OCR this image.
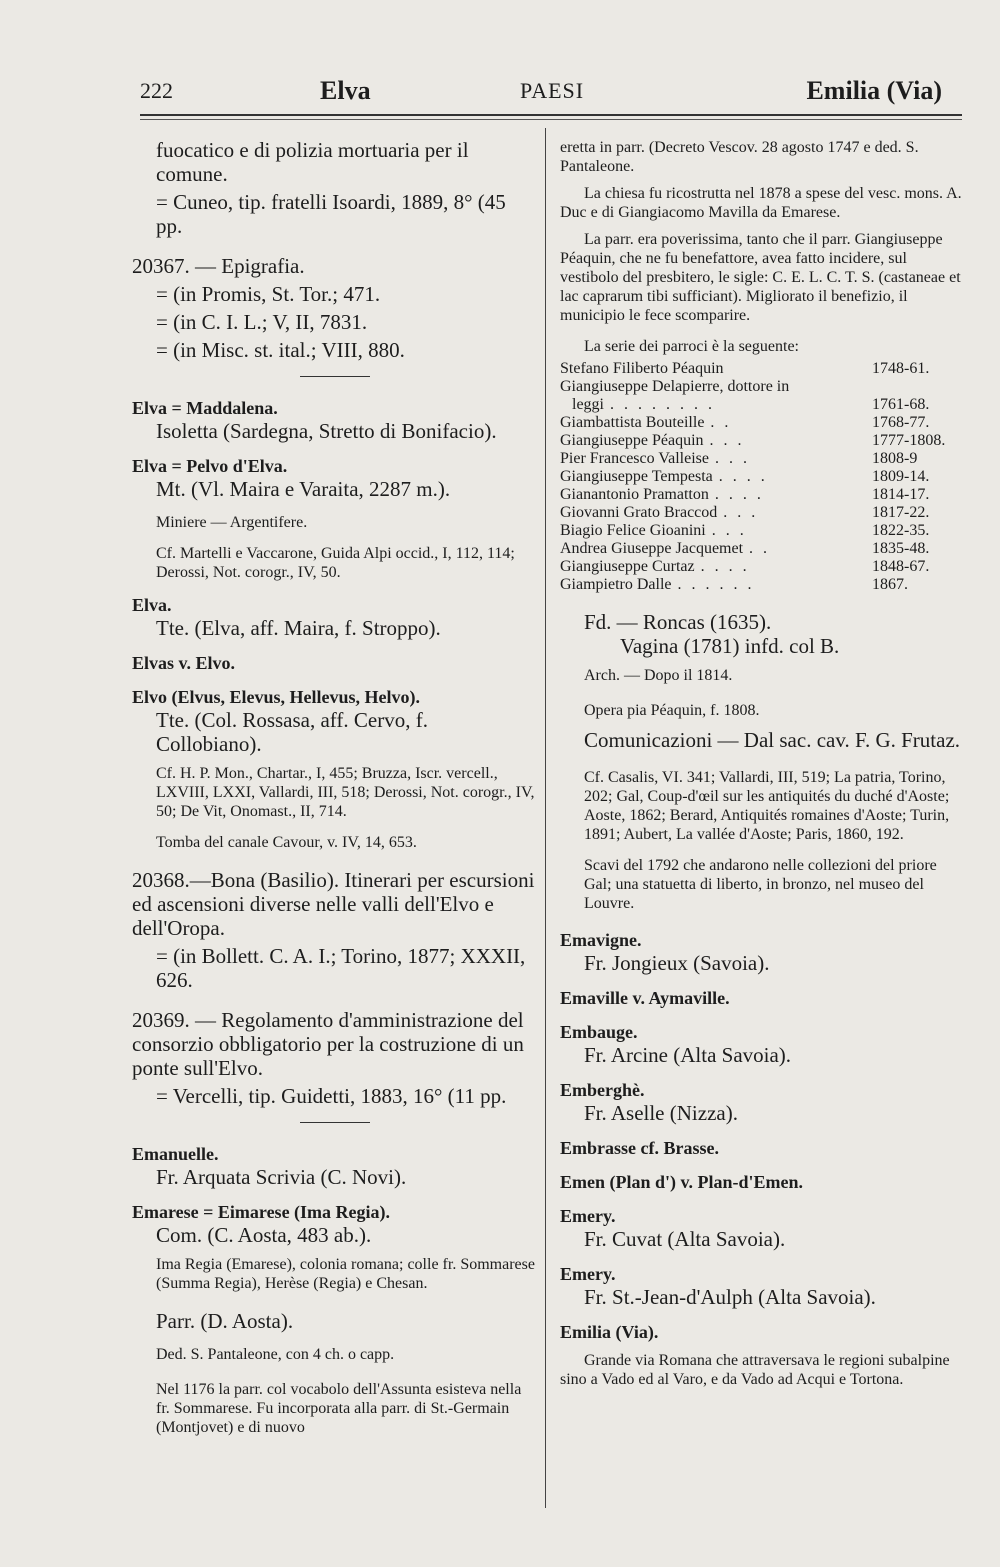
222	Elva	PAESI	Emilia (Via)

fuocatico e di polizia mortuaria per il comune.

= Cuneo, tip. fratelli Isoardi, 1889, 8° (45 pp.

20367. — Epigrafia.

= (in Promis, St. Tor.; 471.

= (in C. I. L.; V, II, 7831.

= (in Misc. st. ital.; VIII, 880.

Elva = Maddalena.

Isoletta (Sardegna, Stretto di Bonifacio).

Elva = Pelvo d'Elva.

Mt. (Vl. Maira e Varaita, 2287 m.).

Miniere — Argentifere.

Cf. Martelli e Vaccarone, Guida Alpi occid., I, 112, 114; Derossi, Not. corogr., IV, 50.

Elva.

Tte. (Elva, aff. Maira, f. Stroppo).

Elvas v. Elvo.

Elvo (Elvus, Elevus, Hellevus, Helvo).

Tte. (Col. Rossasa, aff. Cervo, f. Collobiano).

Cf. H. P. Mon., Chartar., I, 455; Bruzza, Iscr. vercell., LXVIII, LXXI, Vallardi, III, 518; Derossi, Not. corogr., IV, 50; De Vit, Onomast., II, 714.

Tomba del canale Cavour, v. IV, 14, 653.

20368.—Bona (Basilio). Itinerari per escursioni ed ascensioni diverse nelle valli dell'Elvo e dell'Oropa.

= (in Bollett. C. A. I.; Torino, 1877; XXXII, 626.

20369. — Regolamento d'amministrazione del consorzio obbligatorio per la costruzione di un ponte sull'Elvo.

= Vercelli, tip. Guidetti, 1883, 16° (11 pp.

Emanuelle.

Fr. Arquata Scrivia (C. Novi).

Emarese = Eimarese (Ima Regia).

Com. (C. Aosta, 483 ab.).

Ima Regia (Emarese), colonia romana; colle fr. Sommarese (Summa Regia), Herèse (Regia) e Chesan.

Parr. (D. Aosta).

Ded. S. Pantaleone, con 4 ch. o capp.

Nel 1176 la parr. col vocabolo dell'Assunta esisteva nella fr. Sommarese. Fu incorporata alla parr. di St.-Germain (Montjovet) e di nuovo

eretta in parr. (Decreto Vescov. 28 agosto 1747 e ded. S. Pantaleone.

La chiesa fu ricostrutta nel 1878 a spese del vesc. mons. A. Duc e di Giangiacomo Mavilla da Emarese.

La parr. era poverissima, tanto che il parr. Giangiuseppe Péaquin, che ne fu benefattore, avea fatto incidere, sul vestibolo del presbitero, le sigle: C. E. L. C. T. S. (castaneae et lac caprarum tibi sufficiant). Migliorato il benefizio, il municipio le fece scomparire.

La serie dei parroci è la seguente:

Stefano Filiberto Péaquin	1748-61.
Giangiuseppe Delapierre, dottore in
leggi . . . . . . . .	1761-68.
Giambattista Bouteille . .	1768-77.
Giangiuseppe Péaquin . . .	1777-1808.
Pier Francesco Valleise . . .	1808-9
Giangiuseppe Tempesta . . . .	1809-14.
Gianantonio Pramatton . . . .	1814-17.
Giovanni Grato Braccod . . .	1817-22.
Biagio Felice Gioanini . . .	1822-35.
Andrea Giuseppe Jacquemet . .	1835-48.
Giangiuseppe Curtaz . . . .	1848-67.
Giampietro Dalle . . . . . .	1867.

Fd. — Roncas (1635).

Vagina (1781) infd. col B.

Arch. — Dopo il 1814.

Opera pia Péaquin, f. 1808.

Comunicazioni — Dal sac. cav. F. G. Frutaz.

Cf. Casalis, VI. 341; Vallardi, III, 519; La patria, Torino, 202; Gal, Coup-d'œil sur les antiquités du duché d'Aoste; Aoste, 1862; Berard, Antiquités romaines d'Aoste; Turin, 1891; Aubert, La vallée d'Aoste; Paris, 1860, 192.

Scavi del 1792 che andarono nelle collezioni del priore Gal; una statuetta di liberto, in bronzo, nel museo del Louvre.

Emavigne.

Fr. Jongieux (Savoia).

Emaville v. Aymaville.

Embauge.

Fr. Arcine (Alta Savoia).

Emberghè.

Fr. Aselle (Nizza).

Embrasse cf. Brasse.

Emen (Plan d') v. Plan-d'Emen.

Emery.

Fr. Cuvat (Alta Savoia).

Emery.

Fr. St.-Jean-d'Aulph (Alta Savoia).

Emilia (Via).

Grande via Romana che attraversava le regioni subalpine sino a Vado ed al Varo, e da Vado ad Acqui e Tortona.
